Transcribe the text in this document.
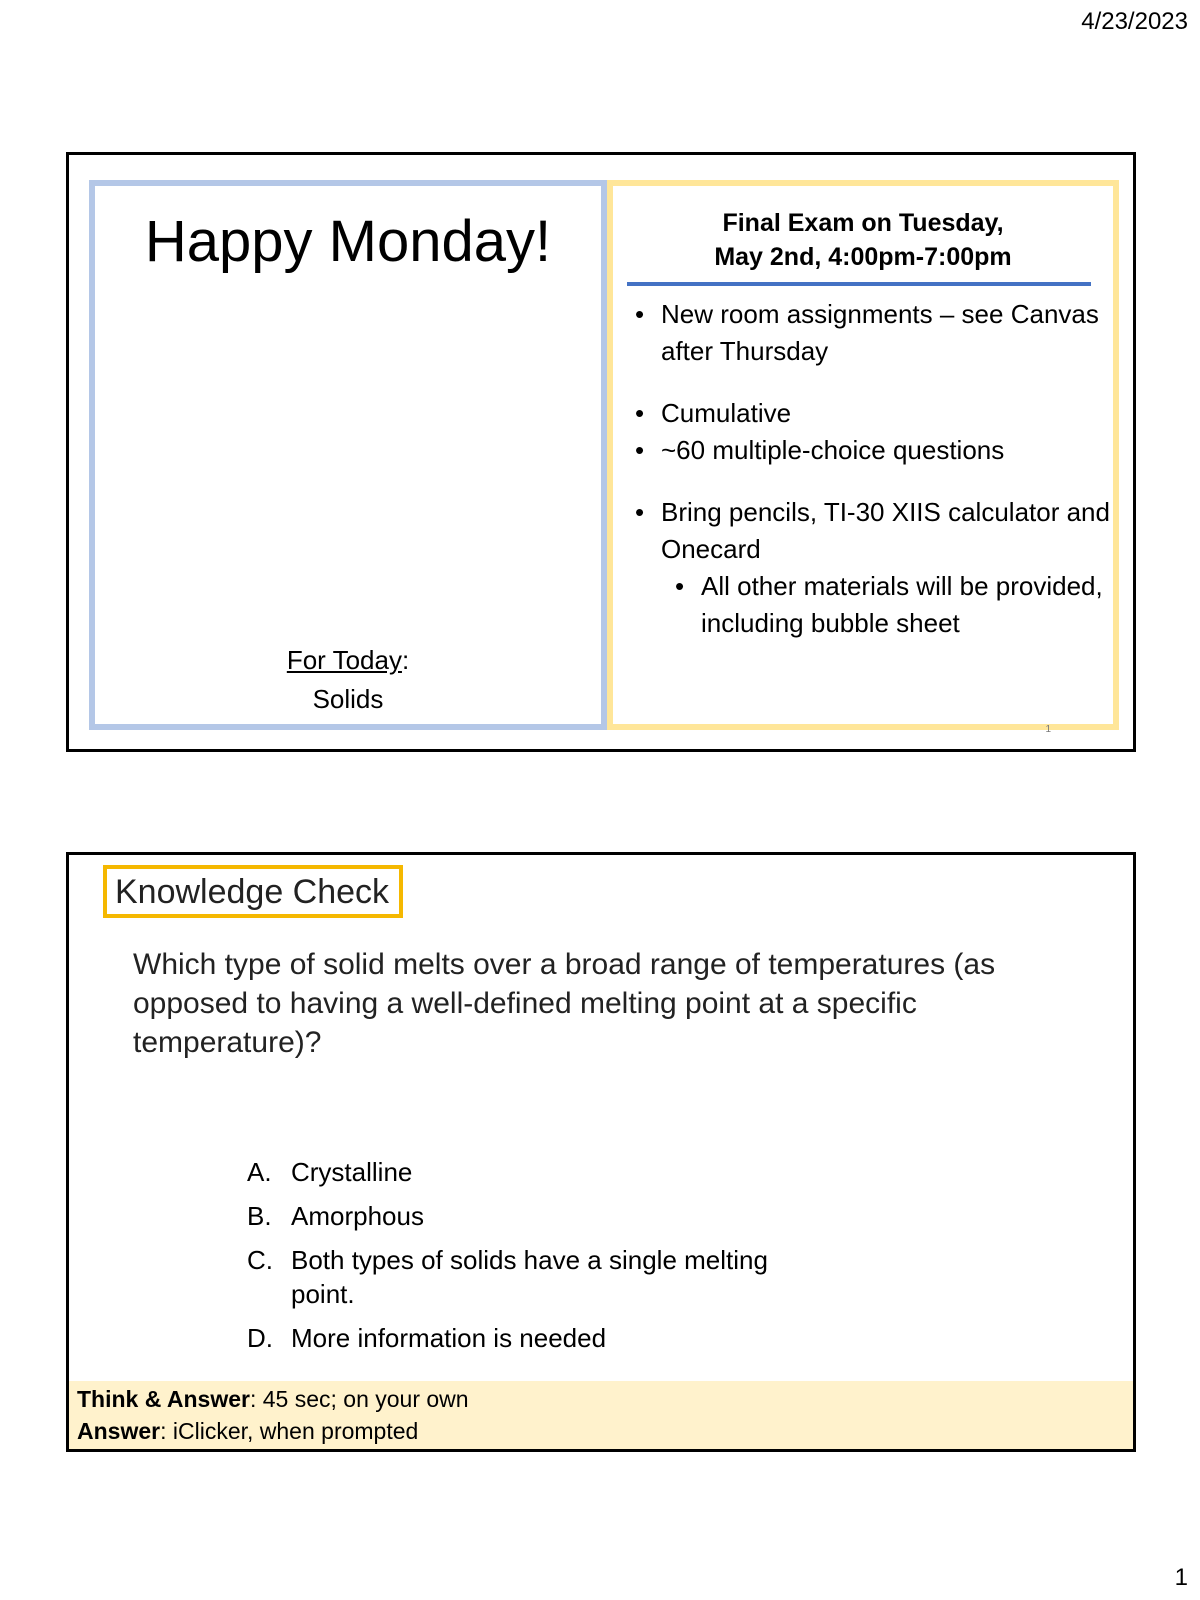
4/23/2023
Happy Monday!
For Today:
Solids
Final Exam on Tuesday,
May 2nd, 4:00pm-7:00pm
• New room assignments – see Canvas after Thursday
• Cumulative
• ~60 multiple-choice questions
• Bring pencils, TI-30 XIIS calculator and Onecard
• All other materials will be provided, including bubble sheet
1
Knowledge Check
Which type of solid melts over a broad range of temperatures (as opposed to having a well-defined melting point at a specific temperature)?
A. Crystalline
B. Amorphous
C. Both types of solids have a single melting point.
D. More information is needed
Think & Answer: 45 sec; on your own
Answer: iClicker, when prompted
1
